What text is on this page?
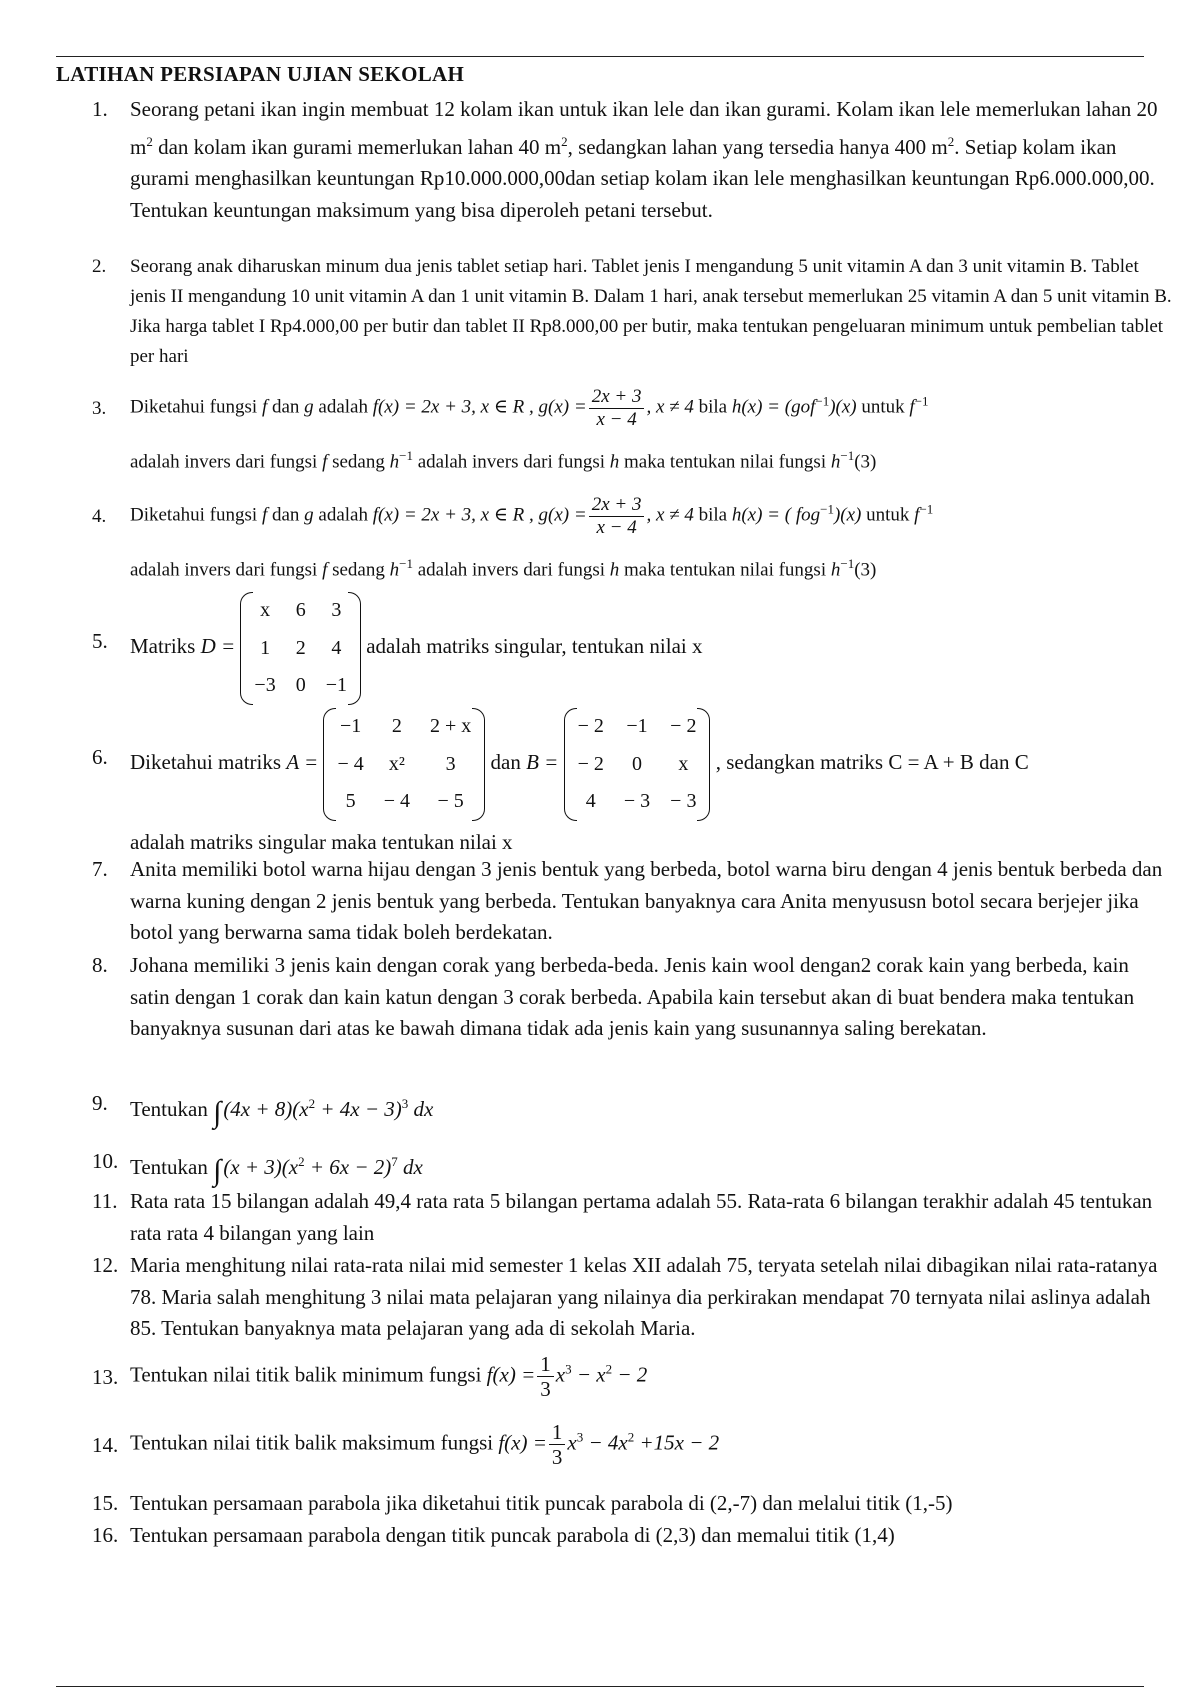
LATIHAN PERSIAPAN UJIAN SEKOLAH
1. Seorang petani ikan ingin membuat 12 kolam ikan untuk ikan lele dan ikan gurami. Kolam ikan lele memerlukan lahan 20 $m^2$ dan kolam ikan gurami memerlukan lahan 40 $m^2$, sedangkan lahan yang tersedia hanya 400 $m^2$. Setiap kolam ikan gurami menghasilkan keuntungan Rp10.000.000,00dan setiap kolam ikan lele menghasilkan keuntungan Rp6.000.000,00. Tentukan keuntungan maksimum yang bisa diperoleh petani tersebut.
2. Seorang anak diharuskan minum dua jenis tablet setiap hari. Tablet jenis I mengandung 5 unit vitamin A dan 3 unit vitamin B. Tablet jenis II mengandung 10 unit vitamin A dan 1 unit vitamin B. Dalam 1 hari, anak tersebut memerlukan 25 vitamin A dan 5 unit vitamin B. Jika harga tablet I Rp4.000,00 per butir dan tablet II Rp8.000,00 per butir, maka tentukan pengeluaran minimum untuk pembelian tablet per hari
3. Diketahui fungsi f dan g adalah f(x) = 2x + 3, x ∈ R , $g(x) = \frac{2x + 3}{x - 4}$ , x ≠ 4 bila h(x) = (gof$^{-1}$)(x) untuk $f^{-1}$
adalah invers dari fungsi f sedang $h^{-1}$ adalah invers dari fungsi h maka tentukan nilai fungsi $h^{-1}(3)$
4. Diketahui fungsi f dan g adalah f(x) = 2x + 3, x ∈ R , $g(x) = \frac{2x + 3}{x - 4}$ , x ≠ 4 bila h(x) = ( fog$^{-1}$)(x) untuk $f^{-1}$
adalah invers dari fungsi f sedang $h^{-1}$ adalah invers dari fungsi h maka tentukan nilai fungsi $h^{-1}(3)$
5. Matriks D =
x	6	3
1	2	4
−3	0	−1
adalah matriks singular, tentukan nilai x
6. Diketahui matriks A =
−1	2	2 + x
− 4	x²	3
5	− 4	− 5
dan B =
− 2	−1	− 2
− 2	0	x
4	− 3	− 3
, sedangkan matriks C = A + B dan C
adalah matriks singular maka tentukan nilai x
7. Anita memiliki botol warna hijau dengan 3 jenis bentuk yang berbeda, botol warna biru dengan 4 jenis bentuk berbeda dan warna kuning dengan 2 jenis bentuk yang berbeda. Tentukan banyaknya cara Anita menyususn botol secara berjejer jika botol yang berwarna sama tidak boleh berdekatan.
8. Johana memiliki 3 jenis kain dengan corak yang berbeda-beda. Jenis kain wool dengan2 corak kain yang berbeda, kain satin dengan 1 corak dan kain katun dengan 3 corak berbeda. Apabila kain tersebut akan di buat bendera maka tentukan banyaknya susunan dari atas ke bawah dimana tidak ada jenis kain yang susunannya saling berekatan.
9. Tentukan $\int(4x + 8)(x^2 + 4x - 3)^3$ dx
10. Tentukan $\int(x + 3)(x^2 + 6x - 2)^7$ dx
11. Rata rata 15 bilangan adalah 49,4 rata rata 5 bilangan pertama adalah 55. Rata-rata 6 bilangan terakhir adalah 45 tentukan rata rata 4 bilangan yang lain
12. Maria menghitung nilai rata-rata nilai mid semester 1 kelas XII adalah 75, teryata setelah nilai dibagikan nilai rata-ratanya 78. Maria salah menghitung 3 nilai mata pelajaran yang nilainya dia perkirakan mendapat 70 ternyata nilai aslinya adalah 85. Tentukan banyaknya mata pelajaran yang ada di sekolah Maria.
13. Tentukan nilai titik balik minimum fungsi $f(x) = \frac{1}{3} x^3 - x^2 - 2$
14. Tentukan nilai titik balik maksimum fungsi $f(x) = \frac{1}{3} x^3 - 4x^2 +15x - 2$
15. Tentukan persamaan parabola jika diketahui titik puncak parabola di (2,-7) dan melalui titik (1,-5)
16. Tentukan persamaan parabola dengan titik puncak parabola di (2,3) dan memalui titik (1,4)
